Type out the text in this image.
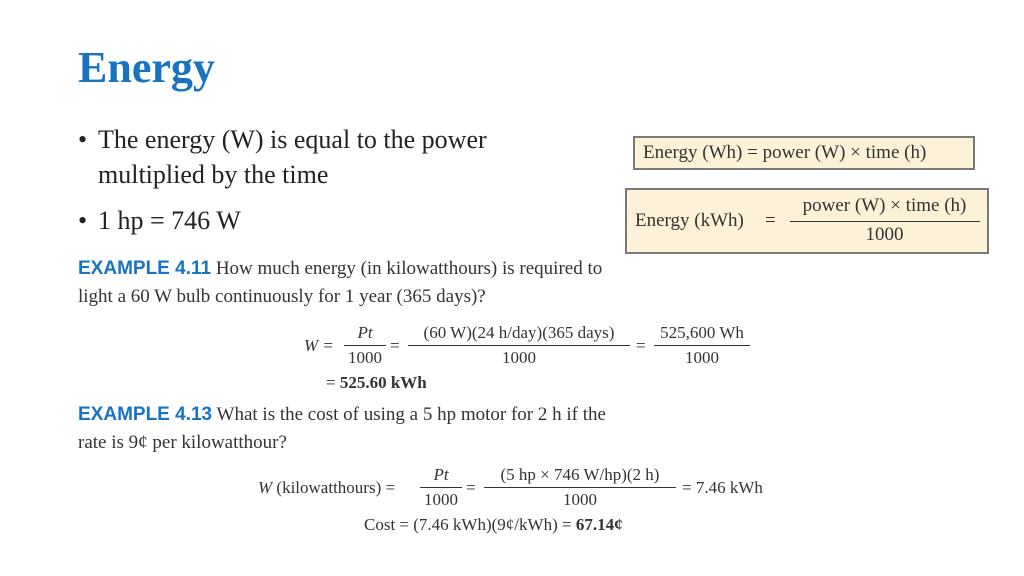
Energy
• The energy (W) is equal to the power
multiplied by the time
• 1 hp = 746 W
Energy (Wh) = power (W) × time (h)
Energy (kWh) =
power (W) × time (h)
1000
EXAMPLE 4.11 How much energy (in kilowatthours) is required to
light a 60 W bulb continuously for 1 year (365 days)?
W =
Pt
1000
=
(60 W)(24 h/day)(365 days)
1000
=
525,600 Wh
1000
= 525.60 kWh
EXAMPLE 4.13 What is the cost of using a 5 hp motor for 2 h if the
rate is 9¢ per kilowatthour?
W (kilowatthours) =
Pt
1000
=
(5 hp × 746 W/hp)(2 h)
1000
= 7.46 kWh
Cost = (7.46 kWh)(9¢/kWh) = 67.14¢
